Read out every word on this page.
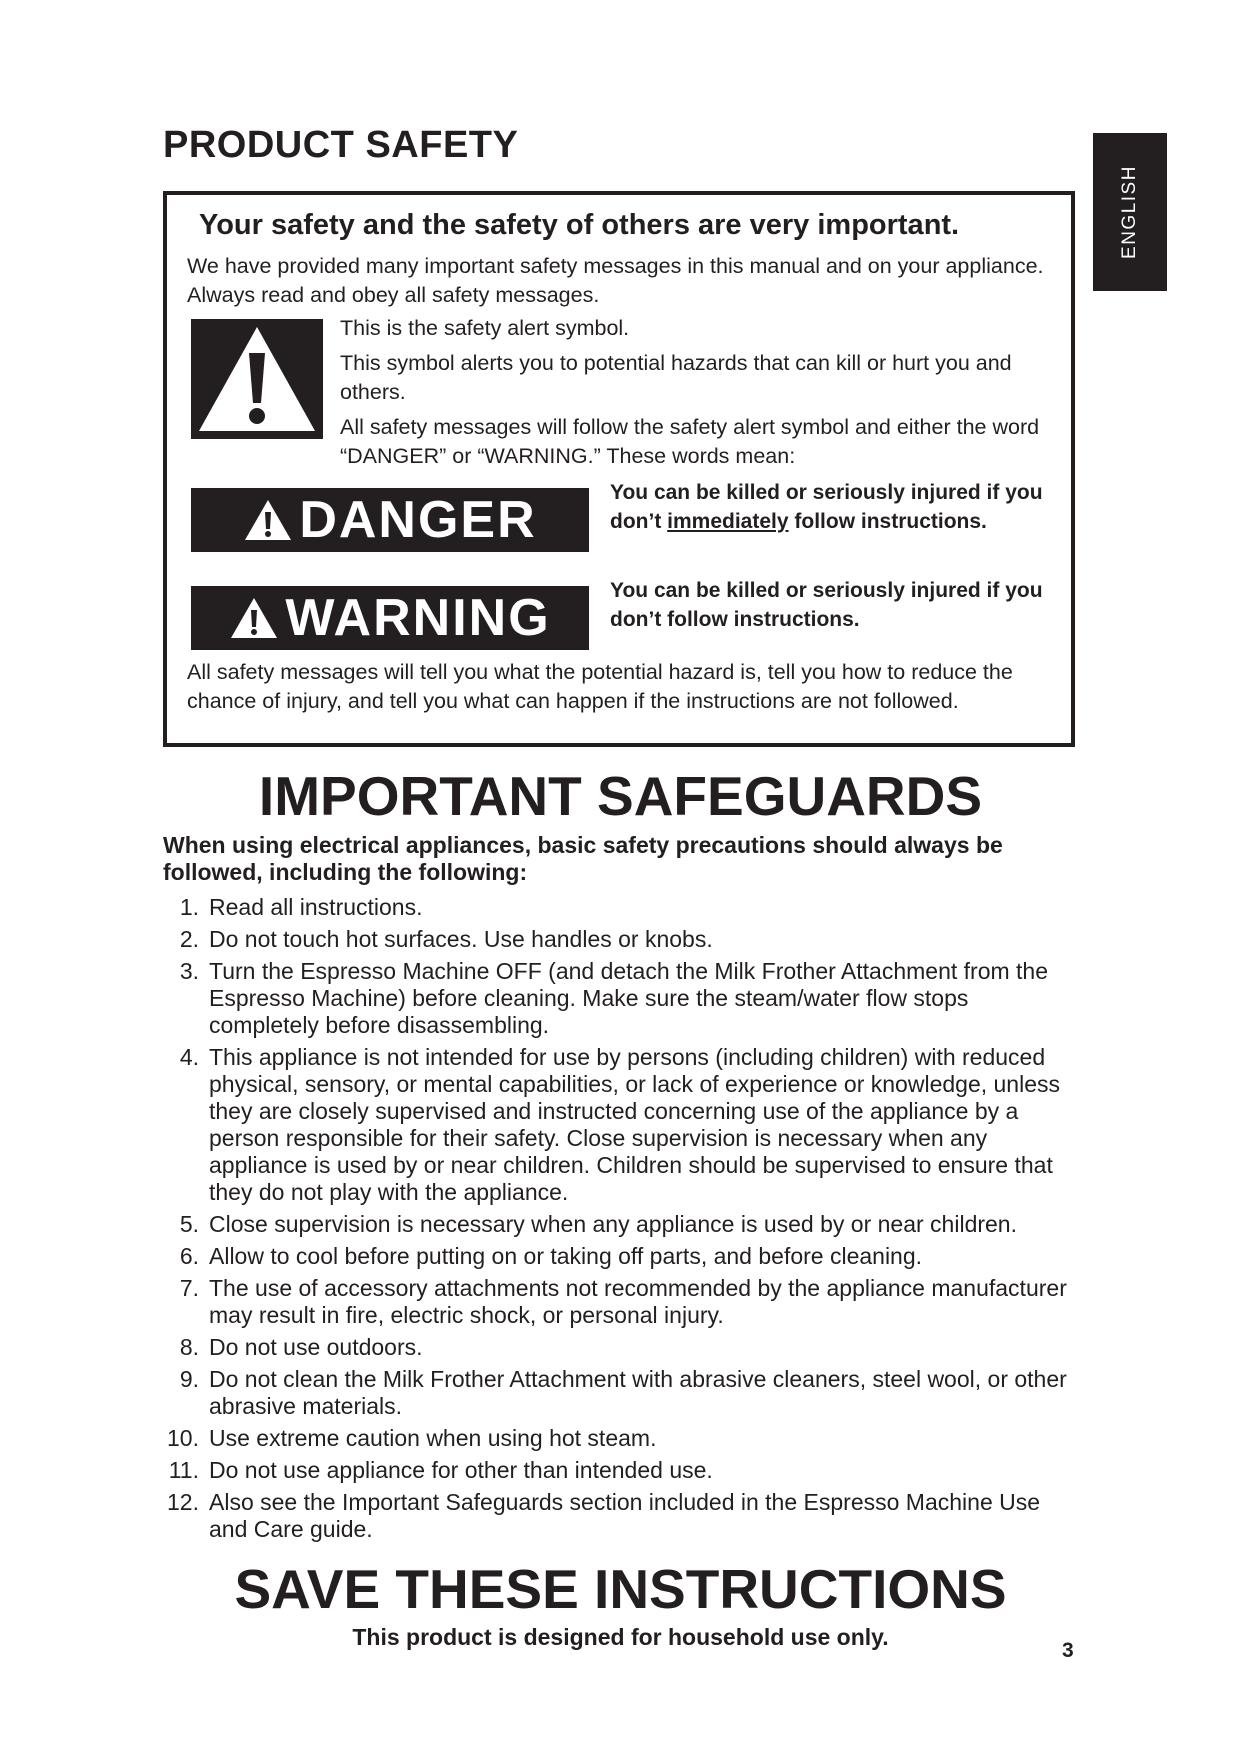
PRODUCT SAFETY
ENGLISH
Your safety and the safety of others are very important.
We have provided many important safety messages in this manual and on your appliance. Always read and obey all safety messages.

This is the safety alert symbol.

This symbol alerts you to potential hazards that can kill or hurt you and others.

All safety messages will follow the safety alert symbol and either the word “DANGER” or “WARNING.” These words mean:

DANGER	You can be killed or seriously injured if you don’t immediately follow instructions.
WARNING	You can be killed or seriously injured if you don’t follow instructions.
All safety messages will tell you what the potential hazard is, tell you how to reduce the chance of injury, and tell you what can happen if the instructions are not followed.
IMPORTANT SAFEGUARDS
When using electrical appliances, basic safety precautions should always be followed, including the following:
1. Read all instructions.
2. Do not touch hot surfaces. Use handles or knobs.
3. Turn the Espresso Machine OFF (and detach the Milk Frother Attachment from the Espresso Machine) before cleaning. Make sure the steam/water flow stops completely before disassembling.
4. This appliance is not intended for use by persons (including children) with reduced physical, sensory, or mental capabilities, or lack of experience or knowledge, unless they are closely supervised and instructed concerning use of the appliance by a person responsible for their safety. Close supervision is necessary when any appliance is used by or near children. Children should be supervised to ensure that they do not play with the appliance.
5. Close supervision is necessary when any appliance is used by or near children.
6. Allow to cool before putting on or taking off parts, and before cleaning.
7. The use of accessory attachments not recommended by the appliance manufacturer may result in fire, electric shock, or personal injury.
8. Do not use outdoors.
9. Do not clean the Milk Frother Attachment with abrasive cleaners, steel wool, or other abrasive materials.
10. Use extreme caution when using hot steam.
11. Do not use appliance for other than intended use.
12. Also see the Important Safeguards section included in the Espresso Machine Use and Care guide.
SAVE THESE INSTRUCTIONS
This product is designed for household use only.
3
